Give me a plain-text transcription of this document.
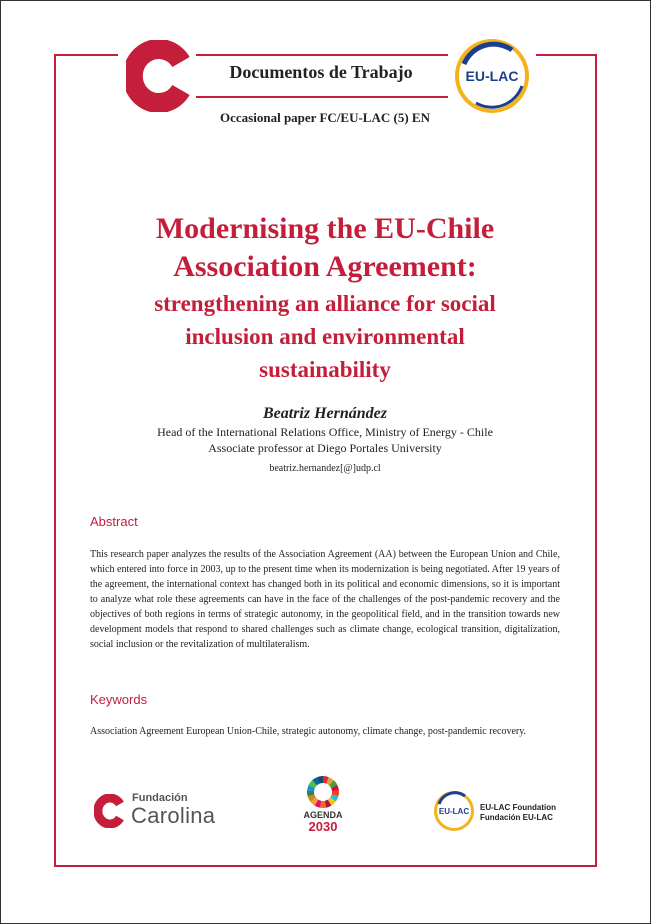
Documentos de Trabajo	EU-LAC
Occasional paper FC/EU-LAC (5) EN
Modernising the EU-Chile
Association Agreement:
strengthening an alliance for social
inclusion and environmental
sustainability
Beatriz Hernández
Head of the International Relations Office, Ministry of Energy - Chile
Associate professor at Diego Portales University
beatriz.hernandez[@]udp.cl
Abstract
This research paper analyzes the results of the Association Agreement (AA) between the European Union and Chile, which entered into force in 2003, up to the present time when its modernization is being negotiated. After 19 years of the agreement, the international context has changed both in its political and economic dimensions, so it is important to analyze what role these agreements can have in the face of the challenges of the post-pandemic recovery and the objectives of both regions in terms of strategic autonomy, in the geopolitical field, and in the transition towards new development models that respond to shared challenges such as climate change, ecological transition, digitalization, social inclusion or the revitalization of multilateralism.
Keywords
Association Agreement European Union-Chile, strategic autonomy, climate change, post-pandemic recovery.
Fundación
Carolina	AGENDA
2030
EU-LAC EU-LAC Foundation
Fundación EU-LAC
